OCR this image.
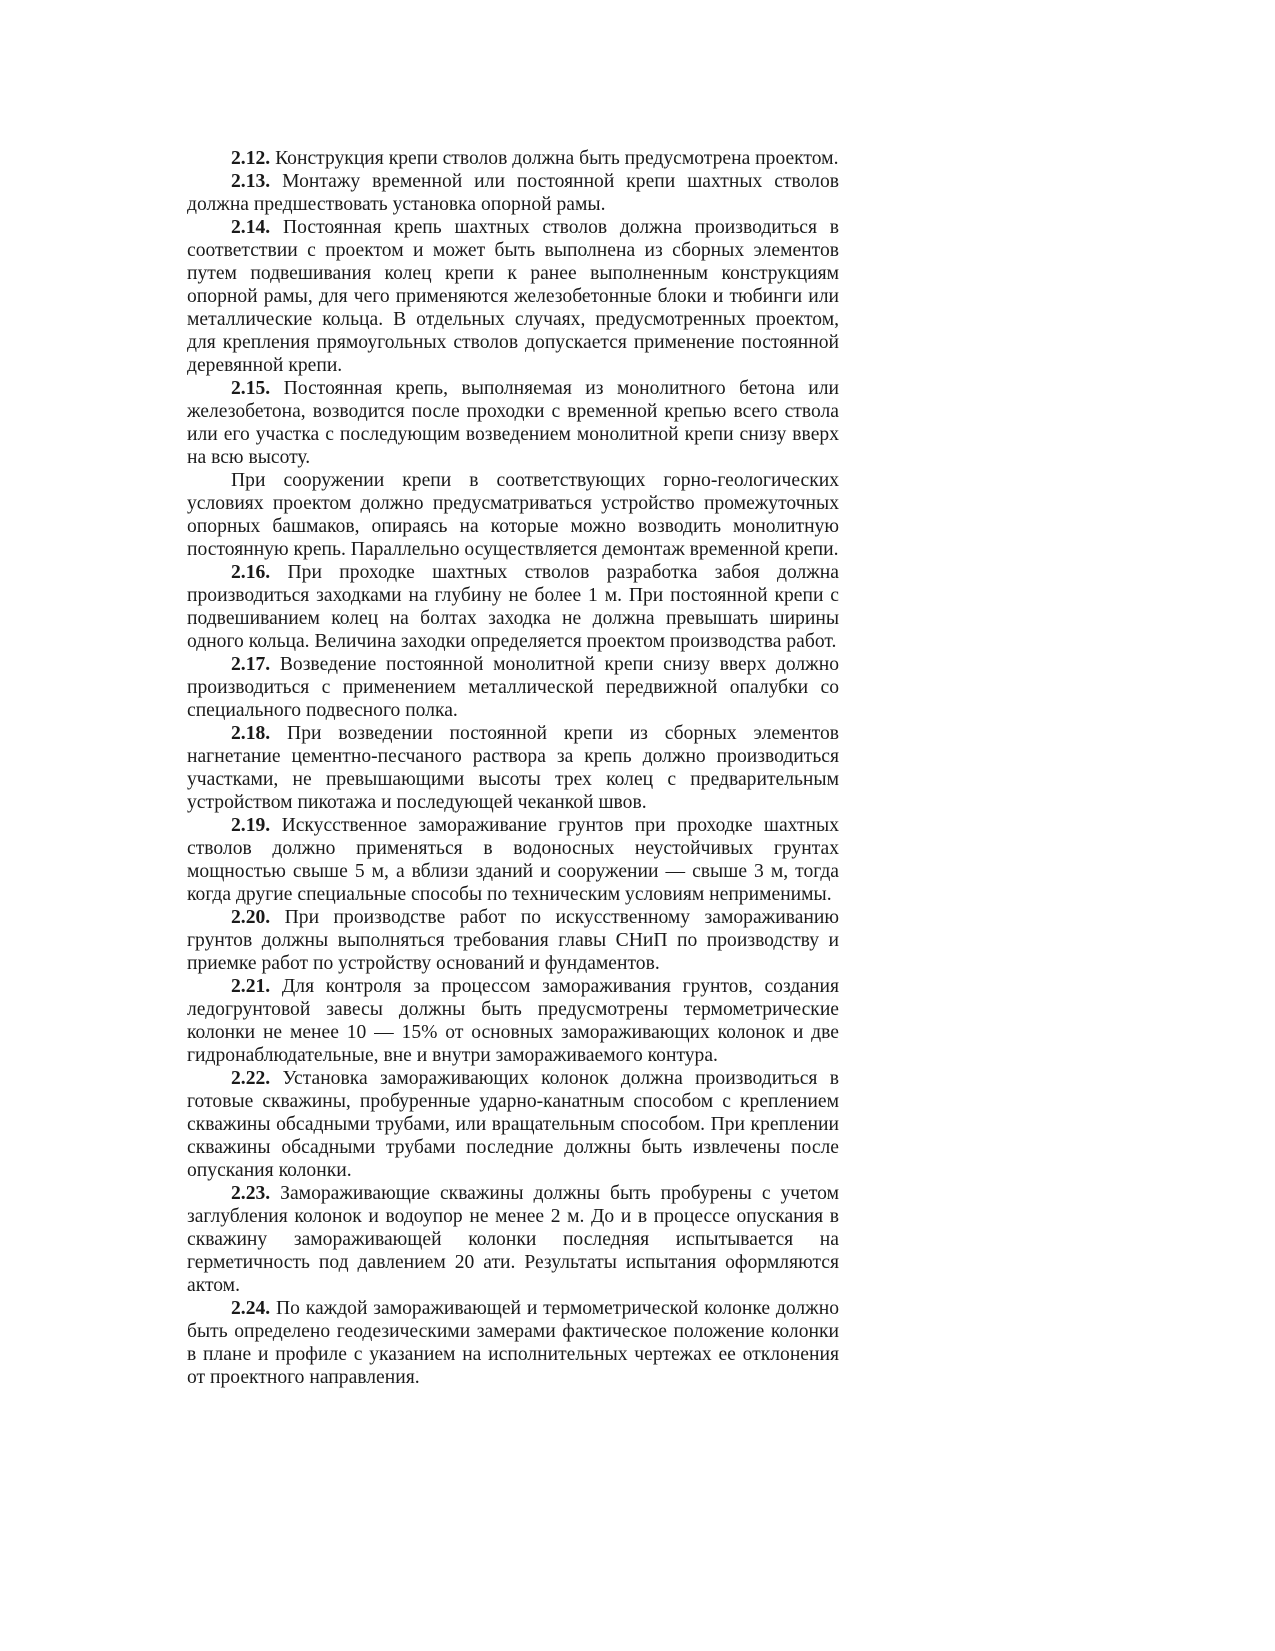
2.12. Конструкция крепи стволов должна быть предусмотрена проектом.

2.13. Монтажу временной или постоянной крепи шахтных стволов должна предшествовать установка опорной рамы.

2.14. Постоянная крепь шахтных стволов должна производиться в соответствии с проектом и может быть выполнена из сборных элементов путем подвешивания колец крепи к ранее выполненным конструкциям опорной рамы, для чего применяются железобетонные блоки и тюбинги или металлические кольца. В отдельных случаях, предусмотренных проектом, для крепления прямоугольных стволов допускается применение постоянной деревянной крепи.

2.15. Постоянная крепь, выполняемая из монолитного бетона или железобетона, возводится после проходки с временной крепью всего ствола или его участка с последующим возведением монолитной крепи снизу вверх на всю высоту.

При сооружении крепи в соответствующих горно-геологических условиях проектом должно предусматриваться устройство промежуточных опорных башмаков, опираясь на которые можно возводить монолитную постоянную крепь. Параллельно осуществляется демонтаж временной крепи.

2.16. При проходке шахтных стволов разработка забоя должна производиться заходками на глубину не более 1 м. При постоянной крепи с подвешиванием колец на болтах заходка не должна превышать ширины одного кольца. Величина заходки определяется проектом производства работ.

2.17. Возведение постоянной монолитной крепи снизу вверх должно производиться с применением металлической передвижной опалубки со специального подвесного полка.

2.18. При возведении постоянной крепи из сборных элементов нагнетание цементно-песчаного раствора за крепь должно производиться участками, не превышающими высоты трех колец с предварительным устройством пикотажа и последующей чеканкой швов.

2.19. Искусственное замораживание грунтов при проходке шахтных стволов должно применяться в водоносных неустойчивых грунтах мощностью свыше 5 м, а вблизи зданий и сооружении — свыше 3 м, тогда когда другие специальные способы по техническим условиям неприменимы.

2.20. При производстве работ по искусственному замораживанию грунтов должны выполняться требования главы СНиП по производству и приемке работ по устройству оснований и фундаментов.

2.21. Для контроля за процессом замораживания грунтов, создания ледогрунтовой завесы должны быть предусмотрены термометрические колонки не менее 10 — 15% от основных замораживающих колонок и две гидронаблюдательные, вне и внутри замораживаемого контура.

2.22. Установка замораживающих колонок должна производиться в готовые скважины, пробуренные ударно-канатным способом с креплением скважины обсадными трубами, или вращательным способом. При креплении скважины обсадными трубами последние должны быть извлечены после опускания колонки.

2.23. Замораживающие скважины должны быть пробурены с учетом заглубления колонок и водоупор не менее 2 м. До и в процессе опускания в скважину замораживающей колонки последняя испытывается на герметичность под давлением 20 ати. Результаты испытания оформляются актом.

2.24. По каждой замораживающей и термометрической колонке должно быть определено геодезическими замерами фактическое положение колонки в плане и профиле с указанием на исполнительных чертежах ее отклонения от проектного направления.
